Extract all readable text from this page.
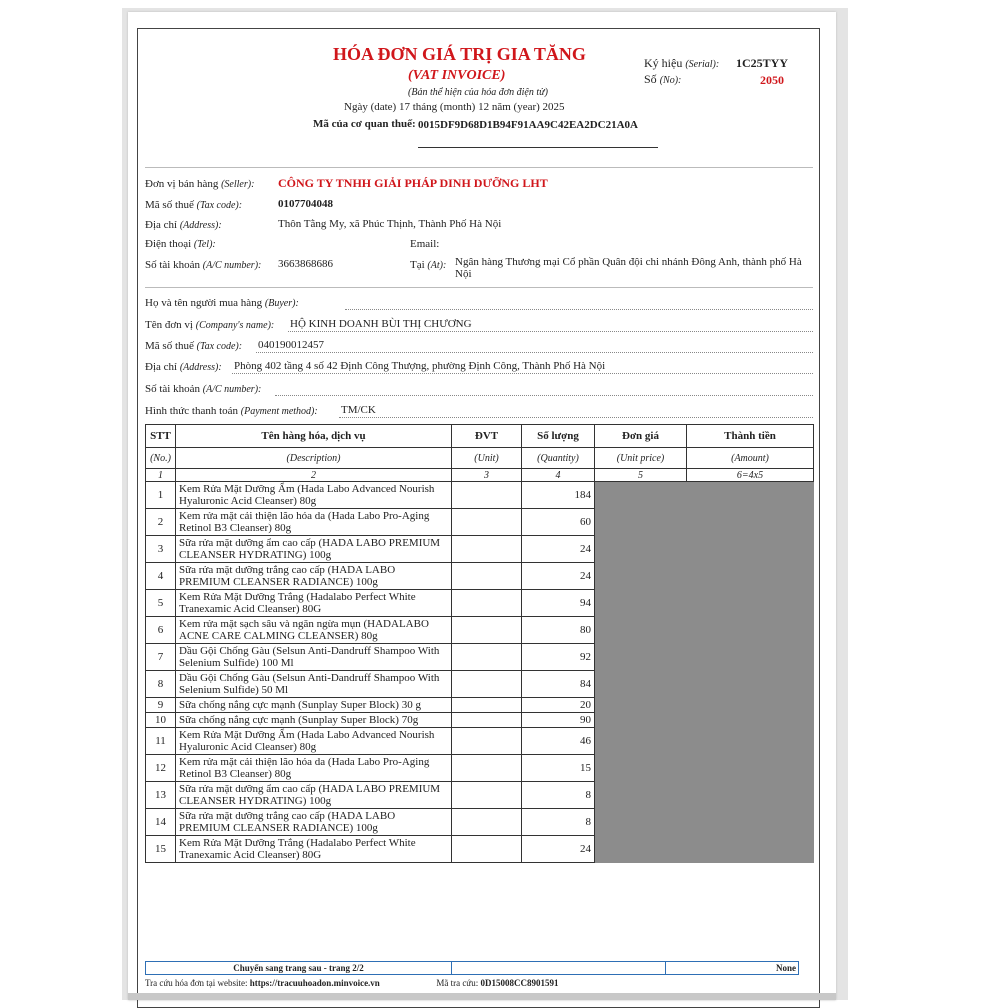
HÓA ĐƠN GIÁ TRỊ GIA TĂNG
(VAT INVOICE)
(Bản thể hiện của hóa đơn điện tử)
Ngày (date) 17 tháng (month) 12 năm (year) 2025
Mã của cơ quan thuế: 0015DF9D68D1B94F91AA9C42EA2DC21A0A
Ký hiệu (Serial): 1C25TYY
Số (No):	2050
Đơn vị bán hàng (Seller): CÔNG TY TNHH GIẢI PHÁP DINH DƯỠNG LHT
Mã số thuế (Tax code):	0107704048
Địa chỉ (Address):	Thôn Tằng My, xã Phúc Thịnh, Thành Phố Hà Nội
Điện thoại (Tel):	Email:
Số tài khoản (A/C number): 3663868686	Tại (At): Ngân hàng Thương mại Cổ phần Quân đội chi nhánh Đông Anh, thành phố Hà Nội
Họ và tên người mua hàng (Buyer):
Tên đơn vị (Company's name): HỘ KINH DOANH BÙI THỊ CHƯƠNG
Mã số thuế (Tax code): 040190012457
Địa chỉ (Address): Phòng 402 tầng 4 số 42 Định Công Thượng, phường Định Công, Thành Phố Hà Nội
Số tài khoản (A/C number):
Hình thức thanh toán (Payment method): TM/CK
STT	Tên hàng hóa, dịch vụ	ĐVT	Số lượng	Đơn giá	Thành tiền
(No.)	(Description)	(Unit)	(Quantity)	(Unit price)	(Amount)
1	2	3	4	5	6=4x5
1	Kem Rửa Mặt Dưỡng Ẩm (Hada Labo Advanced Nourish Hyaluronic Acid Cleanser) 80g		184		
2	Kem rửa mặt cải thiện lão hóa da (Hada Labo Pro-Aging Retinol B3 Cleanser) 80g		60		
3	Sữa rửa mặt dưỡng ẩm cao cấp (HADA LABO PREMIUM CLEANSER HYDRATING) 100g		24		
4	Sữa rửa mặt dưỡng trắng cao cấp (HADA LABO PREMIUM CLEANSER RADIANCE) 100g		24		
5	Kem Rửa Mặt Dưỡng Trắng (Hadalabo Perfect White Tranexamic Acid Cleanser) 80G		94		
6	Kem rửa mặt sạch sâu và ngăn ngừa mụn (HADALABO ACNE CARE CALMING CLEANSER) 80g		80		
7	Dầu Gội Chống Gàu (Selsun Anti-Dandruff Shampoo With Selenium Sulfide) 100 Ml		92		
8	Dầu Gội Chống Gàu (Selsun Anti-Dandruff Shampoo With Selenium Sulfide) 50 Ml		84		
9	Sữa chống nắng cực mạnh (Sunplay Super Block) 30 g		20		
10	Sữa chống nắng cực mạnh (Sunplay Super Block) 70g		90		
11	Kem Rửa Mặt Dưỡng Ẩm (Hada Labo Advanced Nourish Hyaluronic Acid Cleanser) 80g		46		
12	Kem rửa mặt cải thiện lão hóa da (Hada Labo Pro-Aging Retinol B3 Cleanser) 80g		15		
13	Sữa rửa mặt dưỡng ẩm cao cấp (HADA LABO PREMIUM CLEANSER HYDRATING) 100g		8		
14	Sữa rửa mặt dưỡng trắng cao cấp (HADA LABO PREMIUM CLEANSER RADIANCE) 100g		8		
15	Kem Rửa Mặt Dưỡng Trắng (Hadalabo Perfect White Tranexamic Acid Cleanser) 80G		24		
Chuyển sang trang sau - trang 2/2	None
Tra cứu hóa đơn tại website: https://tracuuhoadon.minvoice.vn	Mã tra cứu: 0D15008CC8901591
